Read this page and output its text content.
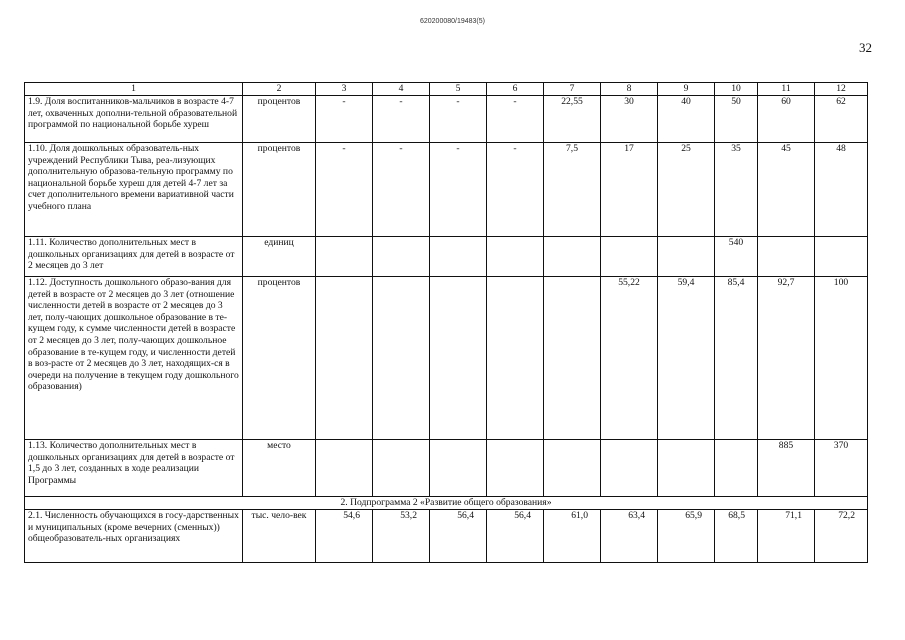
620200080/19483(5)
32
1	2	3	4	5	6	7	8	9	10	11	12
1.9. Доля воспитанников-мальчиков в возрасте 4-7 лет, охваченных дополни-тельной образовательной программой по национальной борьбе хуреш	процентов	-	-	-	-	22,55	30	40	50	60	62
1.10. Доля дошкольных образователь-ных учреждений Республики Тыва, реа-лизующих дополнительную образова-тельную программу по национальной борьбе хуреш для детей 4-7 лет за счет дополнительного времени вариативной части учебного плана	процентов	-	-	-	-	7,5	17	25	35	45	48
1.11. Количество дополнительных мест в дошкольных организациях для детей в возрасте от 2 месяцев до 3 лет	единиц								540		
1.12. Доступность дошкольного образо-вания для детей в возрасте от 2 месяцев до 3 лет (отношение численности детей в возрасте от 2 месяцев до 3 лет, полу-чающих дошкольное образование в те-кущем году, к сумме численности детей в возрасте от 2 месяцев до 3 лет, полу-чающих дошкольное образование в те-кущем году, и численности детей в воз-расте от 2 месяцев до 3 лет, находящих-ся в очереди на получение в текущем году дошкольного образования)	процентов						55,22	59,4	85,4	92,7	100
1.13. Количество дополнительных мест в дошкольных организациях для детей в возрасте от 1,5 до 3 лет, созданных в ходе реализации Программы	место									885	370
2. Подпрограмма 2 «Развитие общего образования»											
2.1. Численность обучающихся в госу-дарственных и муниципальных (кроме вечерних (сменных)) общеобразователь-ных организациях	тыс. чело-век	54,6	53,2	56,4	56,4	61,0	63,4	65,9	68,5	71,1	72,2
